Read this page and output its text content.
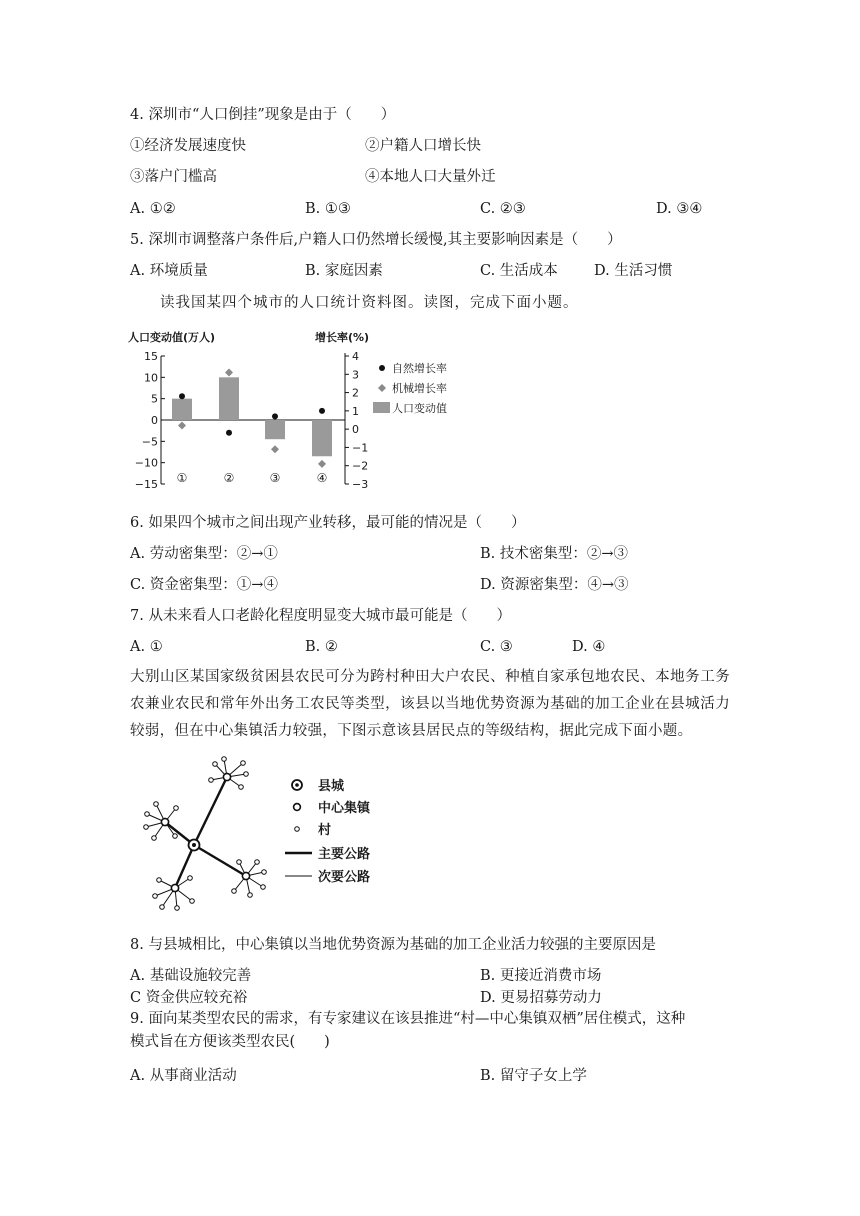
4. 深圳市“人口倒挂”现象是由于（　　）
①经济发展速度快	②户籍人口增长快
③落户门槛高	④本地人口大量外迁
A. ①②	B. ①③	C. ②③	D. ③④
5. 深圳市调整落户条件后,户籍人口仍然增长缓慢,其主要影响因素是（　　）
A. 环境质量	B. 家庭因素	C. 生活成本 D. 生活习惯
读我国某四个城市的人口统计资料图。读图，完成下面小题。
人口变动值(万人)	增长率(%)
15
10
5
0
−5
−10
−15
4
3
2
1
0
−1
−2
−3
①	②	③	④
自然增长率
机械增长率
人口变动值
6. 如果四个城市之间出现产业转移，最可能的情况是（　　）
A. 劳动密集型：②→①	B. 技术密集型：②→③
C. 资金密集型：①→④	D. 资源密集型：④→③
7. 从未来看人口老龄化程度明显变大城市最可能是（　　）
A. ①	B. ②	C. ③	D. ④
大别山区某国家级贫困县农民可分为跨村种田大户农民、种植自家承包地农民、本地务工务农兼业农民和常年外出务工农民等类型，该县以当地优势资源为基础的加工企业在县城活力较弱，但在中心集镇活力较强，下图示意该县居民点的等级结构，据此完成下面小题。
县城
中心集镇
村
主要公路
次要公路
8. 与县城相比，中心集镇以当地优势资源为基础的加工企业活力较强的主要原因是
A. 基础设施较完善	B. 更接近消费市场
C 资金供应较充裕	D. 更易招募劳动力
9. 面向某类型农民的需求，有专家建议在该县推进“村—中心集镇双栖”居住模式，这种
模式旨在方便该类型农民(　　)
A. 从事商业活动	B. 留守子女上学
